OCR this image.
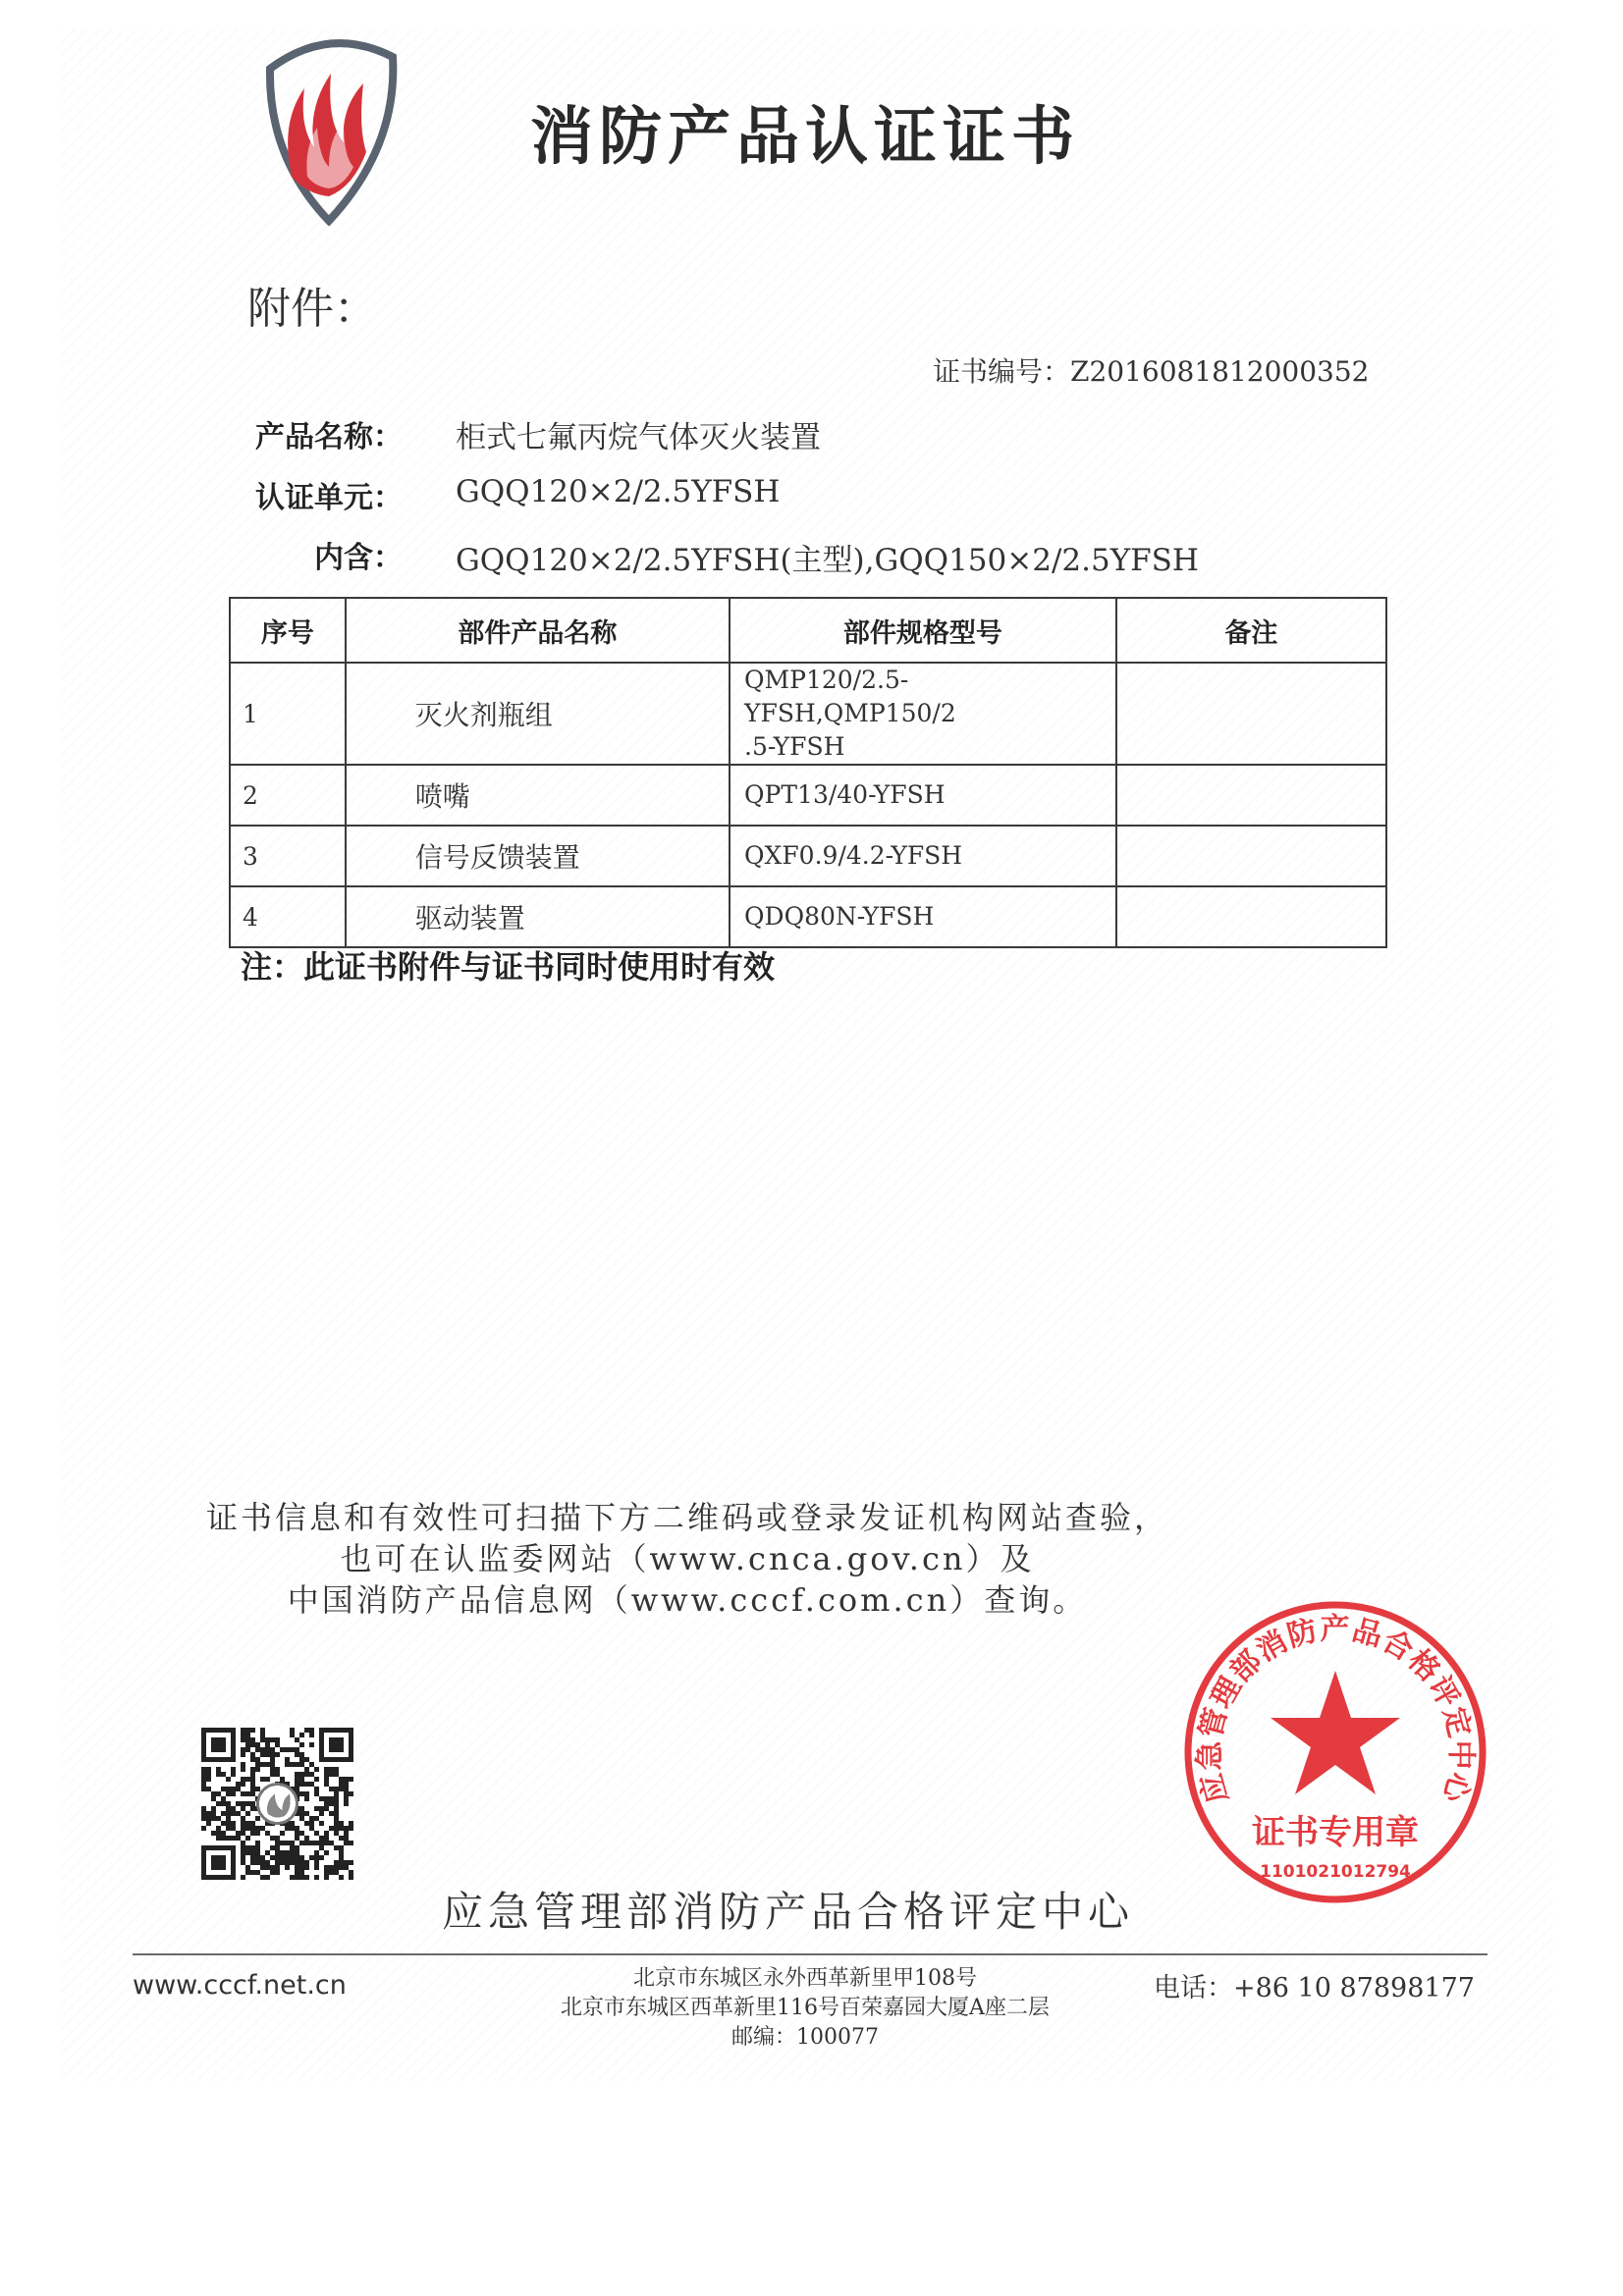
消防产品认证证书
附件：
证书编号：Z2016081812000352
产品名称： 柜式七氟丙烷气体灭火装置
认证单元： GQQ120×2/2.5YFSH
内含： GQQ120×2/2.5YFSH(主型),GQQ150×2/2.5YFSH
序号	部件产品名称	部件规格型号	备注
1	灭火剂瓶组	QMP120/2.5-YFSH,QMP150/2
.5-YFSH	

2	喷嘴	QPT13/40-YFSH	
3	信号反馈装置	QXF0.9/4.2-YFSH	
4	驱动装置	QDQ80N-YFSH	
注：此证书附件与证书同时使用时有效
证书信息和有效性可扫描下方二维码或登录发证机构网站查验，
也可在认监委网站（www.cnca.gov.cn）及
中国消防产品信息网（www.cccf.com.cn）查询。
应急管理部消防产品合格评定中心
应急管理部消防产品合格评定中心
证书专用章
1101021012794
www.cccf.net.cn	北京市东城区永外西革新里甲108号
北京市东城区西革新里116号百荣嘉园大厦A座二层
邮编：100077
电话：+86 10 87898177
